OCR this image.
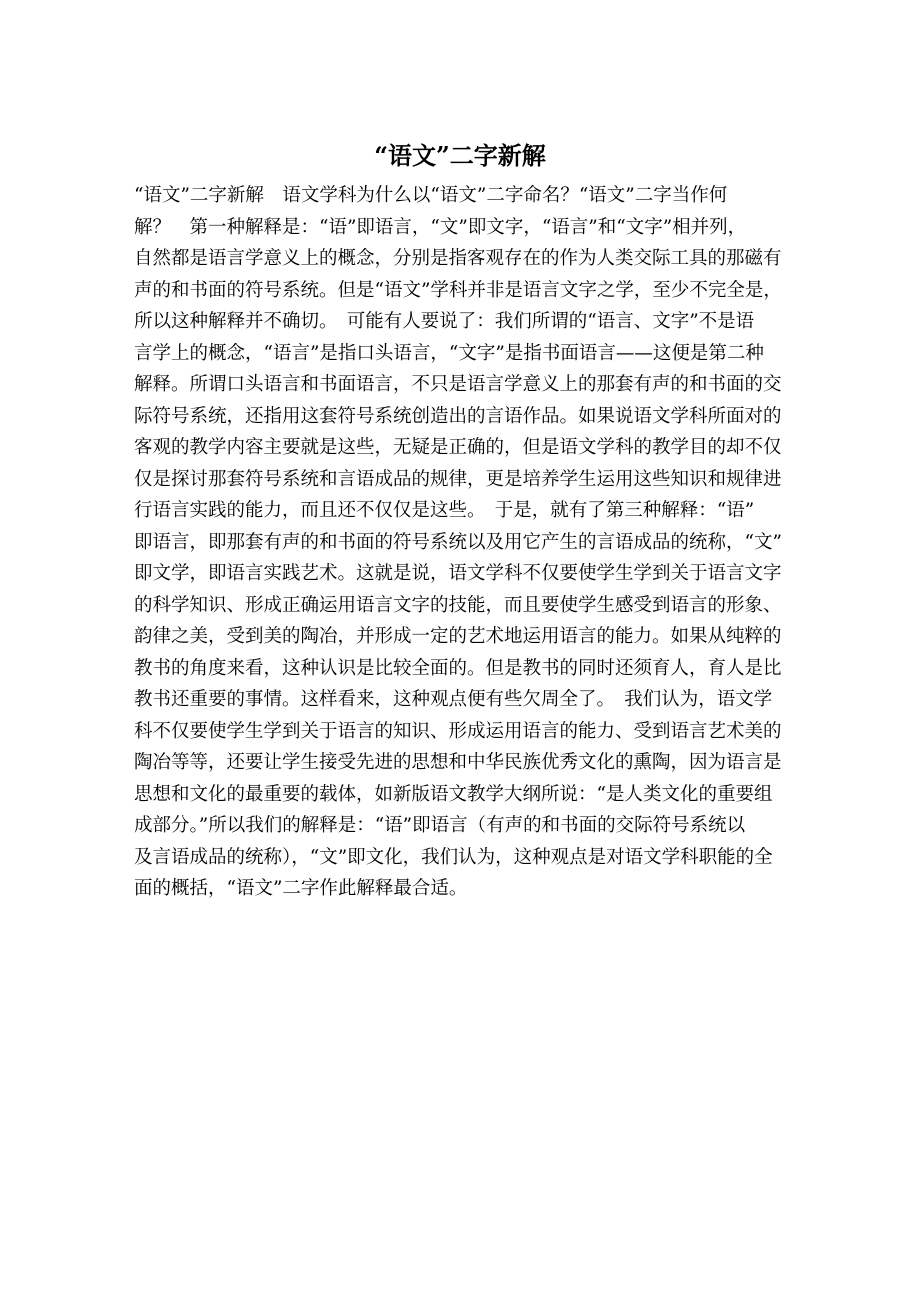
“语文”二字新解
“语文”二字新解　语文学科为什么以“语文”二字命名？“语文”二字当作何
解？　第一种解释是：“语”即语言，“文”即文字，“语言”和“文字”相并列，
自然都是语言学意义上的概念，分别是指客观存在的作为人类交际工具的那磁有
声的和书面的符号系统。但是“语文”学科并非是语言文字之学，至少不完全是，
所以这种解释并不确切。　可能有人要说了：我们所谓的“语言、文字”不是语
言学上的概念，“语言”是指口头语言，“文字”是指书面语言——这便是第二种
解释。所谓口头语言和书面语言，不只是语言学意义上的那套有声的和书面的交
际符号系统，还指用这套符号系统创造出的言语作品。如果说语文学科所面对的
客观的教学内容主要就是这些，无疑是正确的，但是语文学科的教学目的却不仅
仅是探讨那套符号系统和言语成品的规律，更是培养学生运用这些知识和规律进
行语言实践的能力，而且还不仅仅是这些。　于是，就有了第三种解释：“语”
即语言，即那套有声的和书面的符号系统以及用它产生的言语成品的统称，“文”
即文学，即语言实践艺术。这就是说，语文学科不仅要使学生学到关于语言文字
的科学知识、形成正确运用语言文字的技能，而且要使学生感受到语言的形象、
韵律之美，受到美的陶冶，并形成一定的艺术地运用语言的能力。如果从纯粹的
教书的角度来看，这种认识是比较全面的。但是教书的同时还须育人，育人是比
教书还重要的事情。这样看来，这种观点便有些欠周全了。　我们认为，语文学
科不仅要使学生学到关于语言的知识、形成运用语言的能力、受到语言艺术美的
陶冶等等，还要让学生接受先进的思想和中华民族优秀文化的熏陶，因为语言是
思想和文化的最重要的载体，如新版语文教学大纲所说：“是人类文化的重要组
成部分。”所以我们的解释是：“语”即语言（有声的和书面的交际符号系统以
及言语成品的统称），“文”即文化，我们认为，这种观点是对语文学科职能的全
面的概括，“语文”二字作此解释最合适。
